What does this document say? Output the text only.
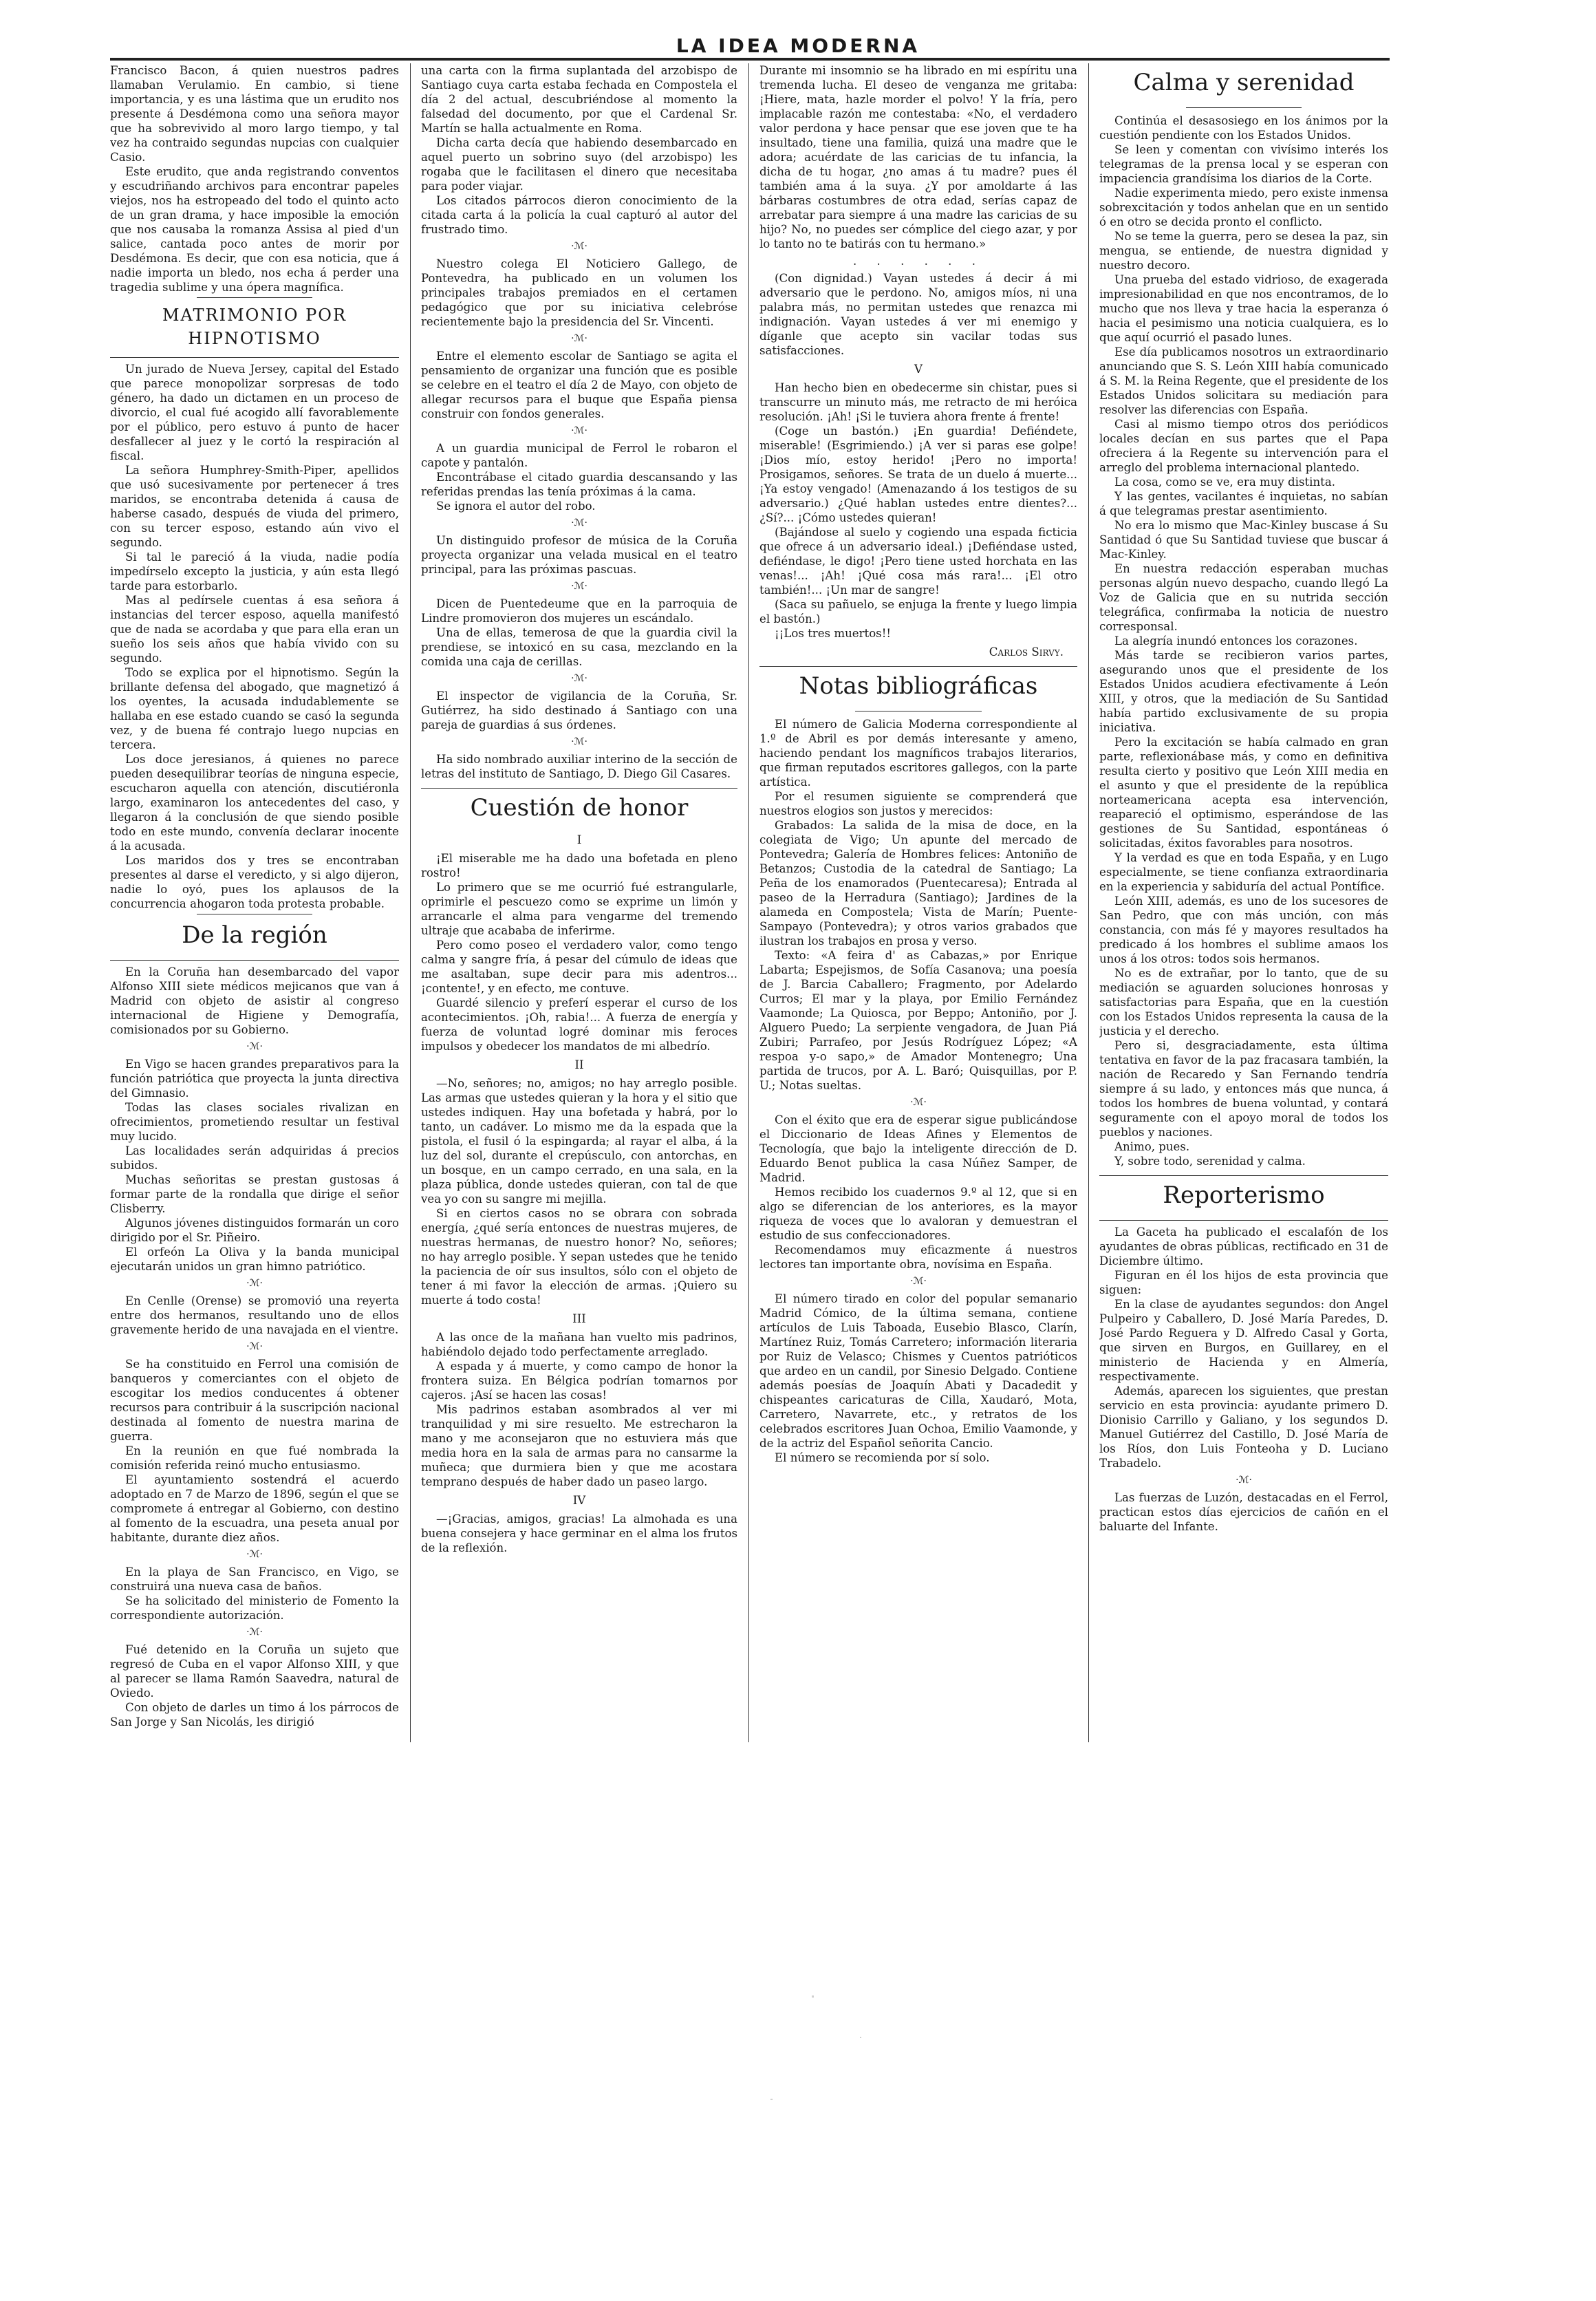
LA IDEA MODERNA

Francisco Bacon, á quien nuestros padres llamaban Verulamio. En cambio, si tiene importancia, y es una lástima que un erudito nos presente á Desdémona como una señora mayor que ha sobrevivido al moro largo tiempo, y tal vez ha contraido segundas nupcias con cualquier Casio.

Este erudito, que anda registrando conventos y escudriñando archivos para encontrar papeles viejos, nos ha estropeado del todo el quinto acto de un gran drama, y hace imposible la emoción que nos causaba la romanza Assisa al pied d'un salice, cantada poco antes de morir por Desdémona. Es decir, que con esa noticia, que á nadie importa un bledo, nos echa á perder una tragedia sublime y una ópera magnífica.

MATRIMONIO POR HIPNOTISMO

Un jurado de Nueva Jersey, capital del Estado que parece monopolizar sorpresas de todo género, ha dado un dictamen en un proceso de divorcio, el cual fué acogido allí favorablemente por el público, pero estuvo á punto de hacer desfallecer al juez y le cortó la respiración al fiscal.

La señora Humphrey-Smith-Piper, apellidos que usó sucesivamente por pertenecer á tres maridos, se encontraba detenida á causa de haberse casado, después de viuda del primero, con su tercer esposo, estando aún vivo el segundo.

Si tal le pareció á la viuda, nadie podía impedírselo excepto la justicia, y aún esta llegó tarde para estorbarlo.

Mas al pedírsele cuentas á esa señora á instancias del tercer esposo, aquella manifestó que de nada se acordaba y que para ella eran un sueño los seis años que había vivido con su segundo.

Todo se explica por el hipnotismo. Según la brillante defensa del abogado, que magnetizó á los oyentes, la acusada indudablemente se hallaba en ese estado cuando se casó la segunda vez, y de buena fé contrajo luego nupcias en tercera.

Los doce jeresianos, á quienes no parece pueden desequilibrar teorías de ninguna especie, escucharon aquella con atención, discutiéronla largo, examinaron los antecedentes del caso, y llegaron á la conclusión de que siendo posible todo en este mundo, convenía declarar inocente á la acusada.

Los maridos dos y tres se encontraban presentes al darse el veredicto, y si algo dijeron, nadie lo oyó, pues los aplausos de la concurrencia ahogaron toda protesta probable.

De la región

En la Coruña han desembarcado del vapor Alfonso XIII siete médicos mejicanos que van á Madrid con objeto de asistir al congreso internacional de Higiene y Demografía, comisionados por su Gobierno.

·ℳ·

En Vigo se hacen grandes preparativos para la función patriótica que proyecta la junta directiva del Gimnasio.

Todas las clases sociales rivalizan en ofrecimientos, prometiendo resultar un festival muy lucido.

Las localidades serán adquiridas á precios subidos.

Muchas señoritas se prestan gustosas á formar parte de la rondalla que dirige el señor Clisberry.

Algunos jóvenes distinguidos formarán un coro dirigido por el Sr. Piñeiro.

El orfeón La Oliva y la banda municipal ejecutarán unidos un gran himno patriótico.

·ℳ·

En Cenlle (Orense) se promovió una reyerta entre dos hermanos, resultando uno de ellos gravemente herido de una navajada en el vientre.

·ℳ·

Se ha constituido en Ferrol una comisión de banqueros y comerciantes con el objeto de escogitar los medios conducentes á obtener recursos para contribuir á la suscripción nacional destinada al fomento de nuestra marina de guerra.

En la reunión en que fué nombrada la comisión referida reinó mucho entusiasmo.

El ayuntamiento sostendrá el acuerdo adoptado en 7 de Marzo de 1896, según el que se compromete á entregar al Gobierno, con destino al fomento de la escuadra, una peseta anual por habitante, durante diez años.

·ℳ·

En la playa de San Francisco, en Vigo, se construirá una nueva casa de baños.

Se ha solicitado del ministerio de Fomento la correspondiente autorización.

·ℳ·

Fué detenido en la Coruña un sujeto que regresó de Cuba en el vapor Alfonso XIII, y que al parecer se llama Ramón Saavedra, natural de Oviedo.

Con objeto de darles un timo á los párrocos de San Jorge y San Nicolás, les dirigió

una carta con la firma suplantada del arzobispo de Santiago cuya carta estaba fechada en Compostela el día 2 del actual, descubriéndose al momento la falsedad del documento, por que el Cardenal Sr. Martín se halla actualmente en Roma.

Dicha carta decía que habiendo desembarcado en aquel puerto un sobrino suyo (del arzobispo) les rogaba que le facilitasen el dinero que necesitaba para poder viajar.

Los citados párrocos dieron conocimiento de la citada carta á la policía la cual capturó al autor del frustrado timo.

·ℳ·

Nuestro colega El Noticiero Gallego, de Pontevedra, ha publicado en un volumen los principales trabajos premiados en el certamen pedagógico que por su iniciativa celebróse recientemente bajo la presidencia del Sr. Vincenti.

·ℳ·

Entre el elemento escolar de Santiago se agita el pensamiento de organizar una función que es posible se celebre en el teatro el día 2 de Mayo, con objeto de allegar recursos para el buque que España piensa construir con fondos generales.

·ℳ·

A un guardia municipal de Ferrol le robaron el capote y pantalón.

Encontrábase el citado guardia descansando y las referidas prendas las tenía próximas á la cama.

Se ignora el autor del robo.

·ℳ·

Un distinguido profesor de música de la Coruña proyecta organizar una velada musical en el teatro principal, para las próximas pascuas.

·ℳ·

Dicen de Puentedeume que en la parroquia de Lindre promovieron dos mujeres un escándalo.

Una de ellas, temerosa de que la guardia civil la prendiese, se intoxicó en su casa, mezclando en la comida una caja de cerillas.

·ℳ·

El inspector de vigilancia de la Coruña, Sr. Gutiérrez, ha sido destinado á Santiago con una pareja de guardias á sus órdenes.

·ℳ·

Ha sido nombrado auxiliar interino de la sección de letras del instituto de Santiago, D. Diego Gil Casares.

Cuestión de honor
I

¡El miserable me ha dado una bofetada en pleno rostro!

Lo primero que se me ocurrió fué estrangularle, oprimirle el pescuezo como se exprime un limón y arrancarle el alma para vengarme del tremendo ultraje que acababa de inferirme.

Pero como poseo el verdadero valor, como tengo calma y sangre fría, á pesar del cúmulo de ideas que me asaltaban, supe decir para mis adentros... ¡contente!, y en efecto, me contuve.

Guardé silencio y preferí esperar el curso de los acontecimientos. ¡Oh, rabia!... A fuerza de energía y fuerza de voluntad logré dominar mis feroces impulsos y obedecer los mandatos de mi albedrío.

II

—No, señores; no, amigos; no hay arreglo posible. Las armas que ustedes quieran y la hora y el sitio que ustedes indiquen. Hay una bofetada y habrá, por lo tanto, un cadáver. Lo mismo me da la espada que la pistola, el fusil ó la espingarda; al rayar el alba, á la luz del sol, durante el crepúsculo, con antorchas, en un bosque, en un campo cerrado, en una sala, en la plaza pública, donde ustedes quieran, con tal de que vea yo con su sangre mi mejilla.

Si en ciertos casos no se obrara con sobrada energía, ¿qué sería entonces de nuestras mujeres, de nuestras hermanas, de nuestro honor? No, señores; no hay arreglo posible. Y sepan ustedes que he tenido la paciencia de oír sus insultos, sólo con el objeto de tener á mi favor la elección de armas. ¡Quiero su muerte á todo costa!

III

A las once de la mañana han vuelto mis padrinos, habiéndolo dejado todo perfectamente arreglado.

A espada y á muerte, y como campo de honor la frontera suiza. En Bélgica podrían tomarnos por cajeros. ¡Así se hacen las cosas!

Mis padrinos estaban asombrados al ver mi tranquilidad y mi sire resuelto. Me estrecharon la mano y me aconsejaron que no estuviera más que media hora en la sala de armas para no cansarme la muñeca; que durmiera bien y que me acostara temprano después de haber dado un paseo largo.

IV

—¡Gracias, amigos, gracias! La almohada es una buena consejera y hace germinar en el alma los frutos de la reflexión.

Durante mi insomnio se ha librado en mi espíritu una tremenda lucha. El deseo de venganza me gritaba: ¡Hiere, mata, hazle morder el polvo! Y la fría, pero implacable razón me contestaba: «No, el verdadero valor perdona y hace pensar que ese joven que te ha insultado, tiene una familia, quizá una madre que le adora; acuérdate de las caricias de tu infancia, la dicha de tu hogar, ¿no amas á tu madre? pues él también ama á la suya. ¿Y por amoldarte á las bárbaras costumbres de otra edad, serías capaz de arrebatar para siempre á una madre las caricias de su hijo? No, no puedes ser cómplice del ciego azar, y por lo tanto no te batirás con tu hermano.»

. . . . . .

(Con dignidad.) Vayan ustedes á decir á mi adversario que le perdono. No, amigos míos, ni una palabra más, no permitan ustedes que renazca mi indignación. Vayan ustedes á ver mi enemigo y díganle que acepto sin vacilar todas sus satisfacciones.

V

Han hecho bien en obedecerme sin chistar, pues si transcurre un minuto más, me retracto de mi heróica resolución. ¡Ah! ¡Si le tuviera ahora frente á frente!

(Coge un bastón.) ¡En guardia! Defiéndete, miserable! (Esgrimiendo.) ¡A ver si paras ese golpe! ¡Dios mío, estoy herido! ¡Pero no importa! Prosigamos, señores. Se trata de un duelo á muerte... ¡Ya estoy vengado! (Amenazando á los testigos de su adversario.) ¿Qué hablan ustedes entre dientes?... ¿Sí?... ¡Cómo ustedes quieran!

(Bajándose al suelo y cogiendo una espada ficticia que ofrece á un adversario ideal.) ¡Defiéndase usted, defiéndase, le digo! ¡Pero tiene usted horchata en las venas!... ¡Ah! ¡Qué cosa más rara!... ¡El otro también!... ¡Un mar de sangre!

(Saca su pañuelo, se enjuga la frente y luego limpia el bastón.)

¡¡Los tres muertos!!

Carlos Sirvy.
Notas bibliográficas

El número de Galicia Moderna correspondiente al 1.º de Abril es por demás interesante y ameno, haciendo pendant los magníficos trabajos literarios, que firman reputados escritores gallegos, con la parte artística.

Por el resumen siguiente se comprenderá que nuestros elogios son justos y merecidos:

Grabados: La salida de la misa de doce, en la colegiata de Vigo; Un apunte del mercado de Pontevedra; Galería de Hombres felices: Antoniño de Betanzos; Custodia de la catedral de Santiago; La Peña de los enamorados (Puentecaresa); Entrada al paseo de la Herradura (Santiago); Jardines de la alameda en Compostela; Vista de Marín; Puente-Sampayo (Pontevedra); y otros varios grabados que ilustran los trabajos en prosa y verso.

Texto: «A feira d' as Cabazas,» por Enrique Labarta; Espejismos, de Sofía Casanova; una poesía de J. Barcia Caballero; Fragmento, por Adelardo Curros; El mar y la playa, por Emilio Fernández Vaamonde; La Quiosca, por Beppo; Antoniño, por J. Alguero Puedo; La serpiente vengadora, de Juan Piá Zubiri; Parrafeo, por Jesús Rodríguez López; «A respoa y-o sapo,» de Amador Montenegro; Una partida de trucos, por A. L. Baró; Quisquillas, por P. U.; Notas sueltas.

·ℳ·

Con el éxito que era de esperar sigue publicándose el Diccionario de Ideas Afines y Elementos de Tecnología, que bajo la inteligente dirección de D. Eduardo Benot publica la casa Núñez Samper, de Madrid.

Hemos recibido los cuadernos 9.º al 12, que si en algo se diferencian de los anteriores, es la mayor riqueza de voces que lo avaloran y demuestran el estudio de sus confeccionadores.

Recomendamos muy eficazmente á nuestros lectores tan importante obra, novísima en España.

·ℳ·

El número tirado en color del popular semanario Madrid Cómico, de la última semana, contiene artículos de Luis Taboada, Eusebio Blasco, Clarín, Martínez Ruiz, Tomás Carretero; información literaria por Ruiz de Velasco; Chismes y Cuentos patrióticos que ardeo en un candil, por Sinesio Delgado. Contiene además poesías de Joaquín Abati y Dacadedit y chispeantes caricaturas de Cilla, Xaudaró, Mota, Carretero, Navarrete, etc., y retratos de los celebrados escritores Juan Ochoa, Emilio Vaamonde, y de la actriz del Español señorita Cancio.

El número se recomienda por sí solo.

Calma y serenidad

Continúa el desasosiego en los ánimos por la cuestión pendiente con los Estados Unidos.

Se leen y comentan con vivísimo interés los telegramas de la prensa local y se esperan con impaciencia grandísima los diarios de la Corte.

Nadie experimenta miedo, pero existe inmensa sobrexcitación y todos anhelan que en un sentido ó en otro se decida pronto el conflicto.

No se teme la guerra, pero se desea la paz, sin mengua, se entiende, de nuestra dignidad y nuestro decoro.

Una prueba del estado vidrioso, de exagerada impresionabilidad en que nos encontramos, de lo mucho que nos lleva y trae hacia la esperanza ó hacia el pesimismo una noticia cualquiera, es lo que aquí ocurrió el pasado lunes.

Ese día publicamos nosotros un extraordinario anunciando que S. S. León XIII había comunicado á S. M. la Reina Regente, que el presidente de los Estados Unidos solicitara su mediación para resolver las diferencias con España.

Casi al mismo tiempo otros dos periódicos locales decían en sus partes que el Papa ofreciera á la Regente su intervención para el arreglo del problema internacional plantedo.

La cosa, como se ve, era muy distinta.

Y las gentes, vacilantes é inquietas, no sabían á que telegramas prestar asentimiento.

No era lo mismo que Mac-Kinley buscase á Su Santidad ó que Su Santidad tuviese que buscar á Mac-Kinley.

En nuestra redacción esperaban muchas personas algún nuevo despacho, cuando llegó La Voz de Galicia que en su nutrida sección telegráfica, confirmaba la noticia de nuestro corresponsal.

La alegría inundó entonces los corazones.

Más tarde se recibieron varios partes, asegurando unos que el presidente de los Estados Unidos acudiera efectivamente á León XIII, y otros, que la mediación de Su Santidad había partido exclusivamente de su propia iniciativa.

Pero la excitación se había calmado en gran parte, reflexionábase más, y como en definitiva resulta cierto y positivo que León XIII media en el asunto y que el presidente de la república norteamericana acepta esa intervención, reapareció el optimismo, esperándose de las gestiones de Su Santidad, espontáneas ó solicitadas, éxitos favorables para nosotros.

Y la verdad es que en toda España, y en Lugo especialmente, se tiene confianza extraordinaria en la experiencia y sabiduría del actual Pontífice.

León XIII, además, es uno de los sucesores de San Pedro, que con más unción, con más constancia, con más fé y mayores resultados ha predicado á los hombres el sublime amaos los unos á los otros: todos sois hermanos.

No es de extrañar, por lo tanto, que de su mediación se aguarden soluciones honrosas y satisfactorias para España, que en la cuestión con los Estados Unidos representa la causa de la justicia y el derecho.

Pero si, desgraciadamente, esta última tentativa en favor de la paz fracasara también, la nación de Recaredo y San Fernando tendría siempre á su lado, y entonces más que nunca, á todos los hombres de buena voluntad, y contará seguramente con el apoyo moral de todos los pueblos y naciones.

Animo, pues.

Y, sobre todo, serenidad y calma.

Reporterismo

La Gaceta ha publicado el escalafón de los ayudantes de obras públicas, rectificado en 31 de Diciembre último.

Figuran en él los hijos de esta provincia que siguen:

En la clase de ayudantes segundos: don Angel Pulpeiro y Caballero, D. José María Paredes, D. José Pardo Reguera y D. Alfredo Casal y Gorta, que sirven en Burgos, en Guillarey, en el ministerio de Hacienda y en Almería, respectivamente.

Además, aparecen los siguientes, que prestan servicio en esta provincia: ayudante primero D. Dionisio Carrillo y Galiano, y los segundos D. Manuel Gutiérrez del Castillo, D. José María de los Ríos, don Luis Fonteoha y D. Luciano Trabadelo.

·ℳ·

Las fuerzas de Luzón, destacadas en el Ferrol, practican estos días ejercicios de cañón en el baluarte del Infante.
